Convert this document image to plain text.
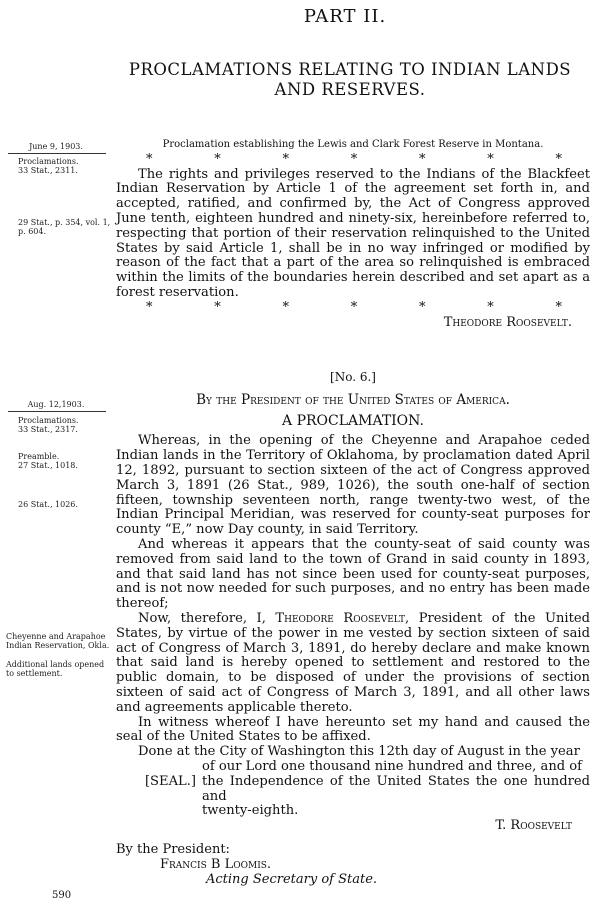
PART II.
PROCLAMATIONS RELATING TO INDIAN LANDS AND RESERVES.
June 9, 1903.
Proclamations.
33 Stat., 2311.
29 Stat., p. 354, vol. 1, p. 604.
Aug. 12,1903.
Proclamations.
33 Stat., 2317.
Preamble.
27 Stat., 1018.
26 Stat., 1026.
Cheyenne and Arapahoe Indian Reservation, Okla.
Additional lands opened to settlement.
Proclamation establishing the Lewis and Clark Forest Reserve in Montana.
*	*	*	*	*	*	*

The rights and privileges reserved to the Indians of the Blackfeet Indian Reservation by Article 1 of the agreement set forth in, and accepted, ratified, and confirmed by, the Act of Congress approved June tenth, eighteen hundred and ninety-six, hereinbefore referred to, respecting that portion of their reservation relinquished to the United States by said Article 1, shall be in no way infringed or modified by reason of the fact that a part of the area so relinquished is embraced within the limits of the boundaries herein described and set apart as a forest reservation.

*	*	*	*	*	*	*
Theodore Roosevelt.
[No. 6.]
By the President of the United States of America.
A PROCLAMATION.

Whereas, in the opening of the Cheyenne and Arapahoe ceded Indian lands in the Territory of Oklahoma, by proclamation dated April 12, 1892, pursuant to section sixteen of the act of Congress approved March 3, 1891 (26 Stat., 989, 1026), the south one-half of section fifteen, township seventeen north, range twenty-two west, of the Indian Principal Meridian, was reserved for county-seat purposes for county “E,” now Day county, in said Territory.

And whereas it appears that the county-seat of said county was removed from said land to the town of Grand in said county in 1893, and that said land has not since been used for county-seat purposes, and is not now needed for such purposes, and no entry has been made thereof;

Now, therefore, I, Theodore Roosevelt, President of the United States, by virtue of the power in me vested by section sixteen of said act of Congress of March 3, 1891, do hereby declare and make known that said land is hereby opened to settlement and restored to the public domain, to be disposed of under the provisions of section sixteen of said act of Congress of March 3, 1891, and all other laws and agreements applicable thereto.

In witness whereof I have hereunto set my hand and caused the seal of the United States to be affixed.

Done at the City of Washington this 12th day of August in the year

of our Lord one thousand nine hundred and three, and of
[SEAL.] the Independence of the United States the one hundred and
twenty-eighth.
T. Roosevelt
By the President:
Francis B Loomis.
Acting Secretary of State.
590
